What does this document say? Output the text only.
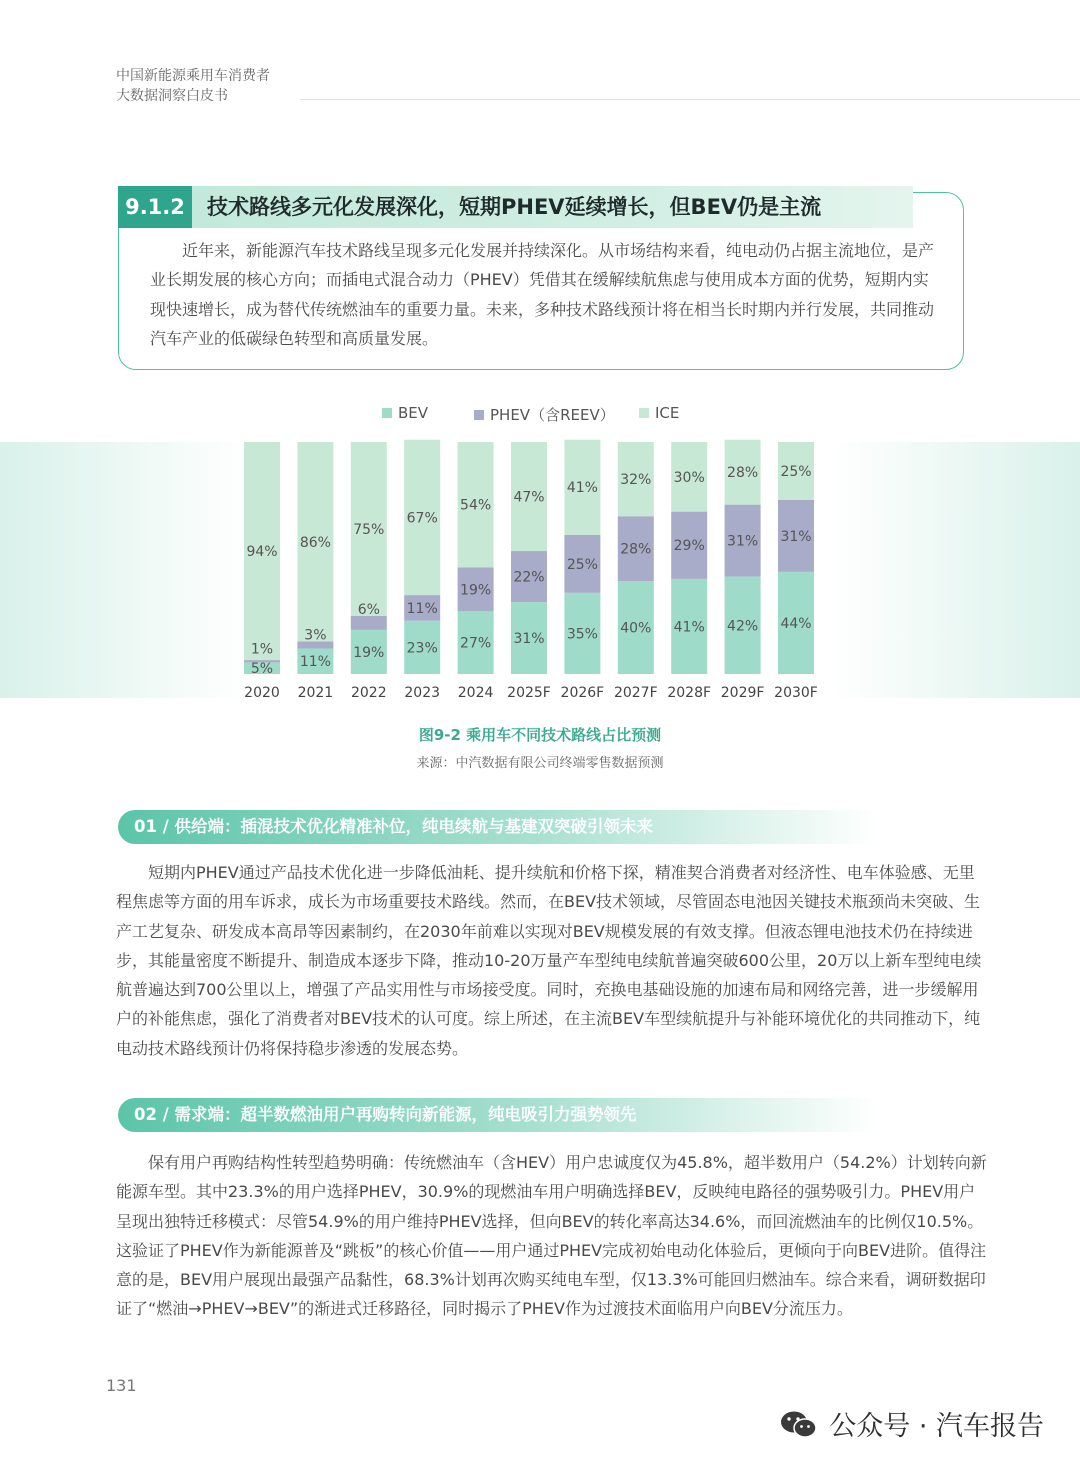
中国新能源乘用车消费者
大数据洞察白皮书
9.1.2	技术路线多元化发展深化，短期PHEV延续增长，但BEV仍是主流

近年来，新能源汽车技术路线呈现多元化发展并持续深化。从市场结构来看，纯电动仍占据主流地位，是产业长期发展的核心方向；而插电式混合动力（PHEV）凭借其在缓解续航焦虑与使用成本方面的优势，短期内实现快速增长，成为替代传统燃油车的重要力量。未来，多种技术路线预计将在相当长时期内并行发展，共同推动汽车产业的低碳绿色转型和高质量发展。

BEV	PHEV（含REEV）	ICE
2020 2021 2022 2023 2024 2025F 2026F 2027F 2028F 2029F 2030F
5%
1%
94%
11%
3%
86%
19%
6%
75%
23%
11%
67%
27%
19%
54%
31%
22%
47%
35%
25%
41%
40%
28%
32%
41%
29%
30%
42%
31%
28%
44%
31%
25%
图9-2 乘用车不同技术路线占比预测
来源：中汽数据有限公司终端零售数据预测
01 / 供给端：插混技术优化精准补位，纯电续航与基建双突破引领未来

短期内PHEV通过产品技术优化进一步降低油耗、提升续航和价格下探，精准契合消费者对经济性、电车体验感、无里程焦虑等方面的用车诉求，成长为市场重要技术路线。然而，在BEV技术领域，尽管固态电池因关键技术瓶颈尚未突破、生产工艺复杂、研发成本高昂等因素制约，在2030年前难以实现对BEV规模发展的有效支撑。但液态锂电池技术仍在持续进步，其能量密度不断提升、制造成本逐步下降，推动10-20万量产车型纯电续航普遍突破600公里，20万以上新车型纯电续航普遍达到700公里以上，增强了产品实用性与市场接受度。同时，充换电基础设施的加速布局和网络完善，进一步缓解用户的补能焦虑，强化了消费者对BEV技术的认可度。综上所述，在主流BEV车型续航提升与补能环境优化的共同推动下，纯电动技术路线预计仍将保持稳步渗透的发展态势。

02 / 需求端：超半数燃油用户再购转向新能源，纯电吸引力强势领先

保有用户再购结构性转型趋势明确：传统燃油车（含HEV）用户忠诚度仅为45.8%，超半数用户（54.2%）计划转向新能源车型。其中23.3%的用户选择PHEV，30.9%的现燃油车用户明确选择BEV，反映纯电路径的强势吸引力。PHEV用户呈现出独特迁移模式：尽管54.9%的用户维持PHEV选择，但向BEV的转化率高达34.6%，而回流燃油车的比例仅10.5%。这验证了PHEV作为新能源普及“跳板”的核心价值——用户通过PHEV完成初始电动化体验后，更倾向于向BEV进阶。值得注意的是，BEV用户展现出最强产品黏性，68.3%计划再次购买纯电车型，仅13.3%可能回归燃油车。综合来看，调研数据印证了“燃油→PHEV→BEV”的渐进式迁移路径，同时揭示了PHEV作为过渡技术面临用户向BEV分流压力。

131
公众号 · 汽车报告
